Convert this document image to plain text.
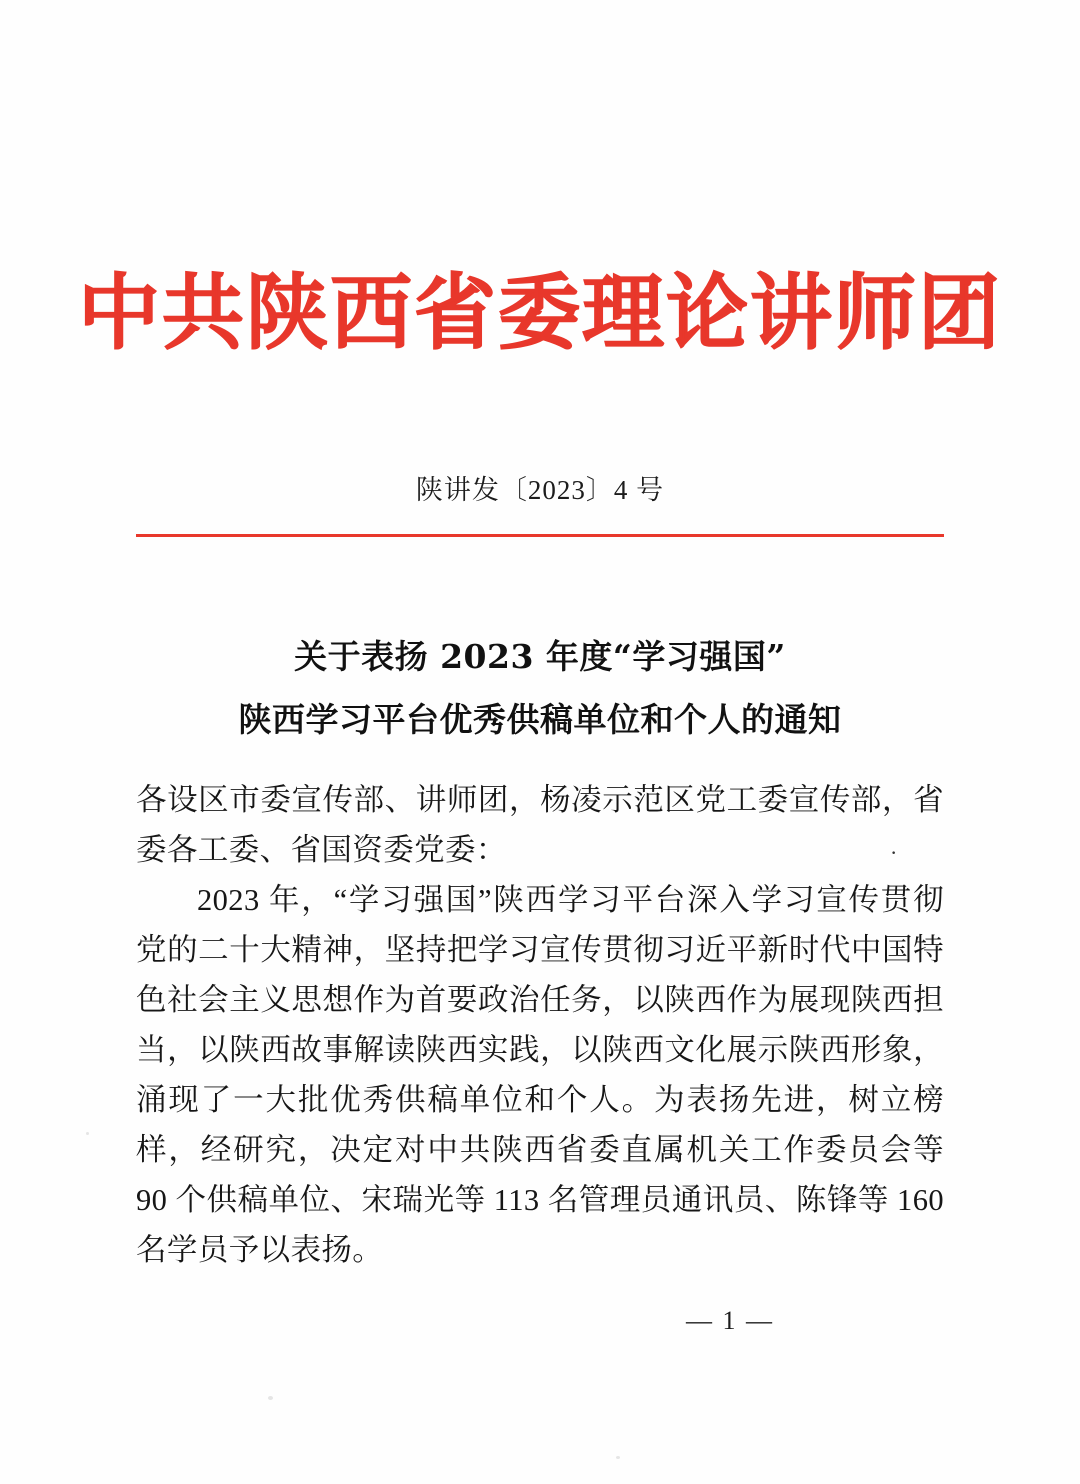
中共陕西省委理论讲师团
陕讲发〔2023〕4 号
关于表扬 2023 年度“学习强国”
陕西学习平台优秀供稿单位和个人的通知

各设区市委宣传部、讲师团，杨凌示范区党工委宣传部，省委各工委、省国资委党委：

2023 年，“学习强国”陕西学习平台深入学习宣传贯彻党的二十大精神，坚持把学习宣传贯彻习近平新时代中国特色社会主义思想作为首要政治任务，以陕西作为展现陕西担当，以陕西故事解读陕西实践，以陕西文化展示陕西形象，涌现了一大批优秀供稿单位和个人。为表扬先进，树立榜样，经研究，决定对中共陕西省委直属机关工作委员会等 90 个供稿单位、宋瑞光等 113 名管理员通讯员、陈锋等 160 名学员予以表扬。

·
— 1 —
